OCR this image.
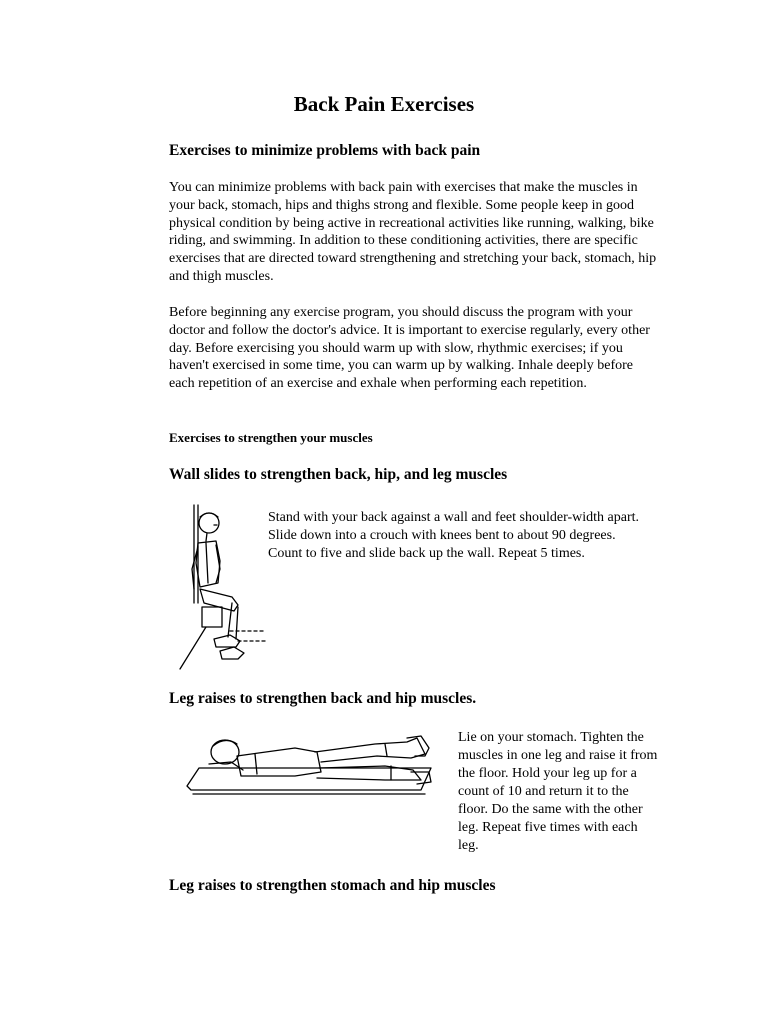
Back Pain Exercises
Exercises to minimize problems with back pain

You can minimize problems with back pain with exercises that make the muscles in your back, stomach, hips and thighs strong and flexible. Some people keep in good physical condition by being active in recreational activities like running, walking, bike riding, and swimming. In addition to these conditioning activities, there are specific exercises that are directed toward strengthening and stretching your back, stomach, hip and thigh muscles.

Before beginning any exercise program, you should discuss the program with your doctor and follow the doctor's advice. It is important to exercise regularly, every other day. Before exercising you should warm up with slow, rhythmic exercises; if you haven't exercised in some time, you can warm up by walking. Inhale deeply before each repetition of an exercise and exhale when performing each repetition.

Exercises to strengthen your muscles
Wall slides to strengthen back, hip, and leg muscles

Stand with your back against a wall and feet shoulder-width apart. Slide down into a crouch with knees bent to about 90 degrees. Count to five and slide back up the wall. Repeat 5 times.

Leg raises to strengthen back and hip muscles.

Lie on your stomach. Tighten the muscles in one leg and raise it from the floor. Hold your leg up for a count of 10 and return it to the floor. Do the same with the other leg. Repeat five times with each leg.

Leg raises to strengthen stomach and hip muscles
